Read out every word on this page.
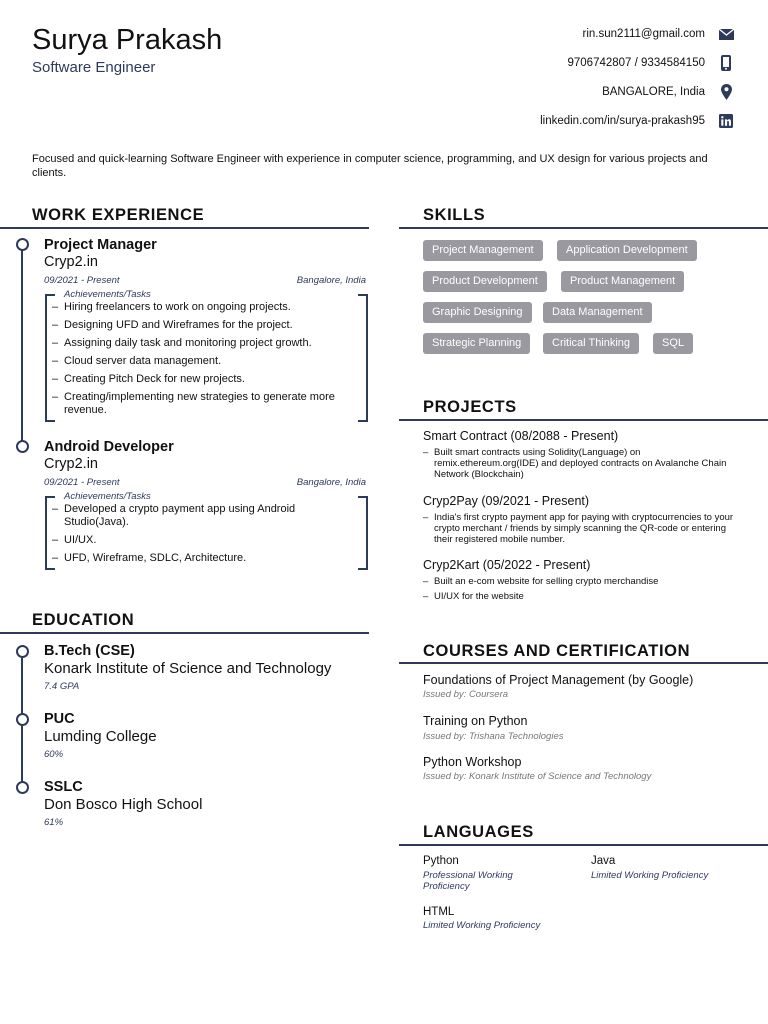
Surya Prakash
Software Engineer
rin.sun2111@gmail.com
9706742807 / 9334584150
BANGALORE, India
linkedin.com/in/surya-prakash95
Focused and quick-learning Software Engineer with experience in computer science, programming, and UX design for various projects and clients.
WORK EXPERIENCE
Project Manager
Cryp2.in
09/2021 - Present	Bangalore, India
Achievements/Tasks
– Hiring freelancers to work on ongoing projects.
– Designing UFD and Wireframes for the project.
– Assigning daily task and monitoring project growth.
– Cloud server data management.
– Creating Pitch Deck for new projects.
– Creating/implementing new strategies to generate more revenue.
Android Developer
Cryp2.in
09/2021 - Present	Bangalore, India
Achievements/Tasks
– Developed a crypto payment app using Android Studio(Java).
– UI/UX.
– UFD, Wireframe, SDLC, Architecture.
EDUCATION
B.Tech (CSE)
Konark Institute of Science and Technology
7.4 GPA
PUC
Lumding College
60%
SSLC
Don Bosco High School
61%
SKILLS
Project Management	Application Development
Product Development	Product Management
Graphic Designing	Data Management
Strategic Planning	Critical Thinking	SQL
PROJECTS
Smart Contract (08/2088 - Present)
– Built smart contracts using Solidity(Language) on remix.ethereum.org(IDE) and deployed contracts on Avalanche Chain Network (Blockchain)
Cryp2Pay (09/2021 - Present)
– India's first crypto payment app for paying with cryptocurrencies to your crypto merchant / friends by simply scanning the QR-code or entering their registered mobile number.
Cryp2Kart (05/2022 - Present)
– Built an e-com website for selling crypto merchandise
– UI/UX for the website
COURSES AND CERTIFICATION
Foundations of Project Management (by Google)
Issued by: Coursera
Training on Python
Issued by: Trishana Technologies
Python Workshop
Issued by: Konark Institute of Science and Technology
LANGUAGES
Python
Professional Working Proficiency
Java
Limited Working Proficiency
HTML
Limited Working Proficiency
